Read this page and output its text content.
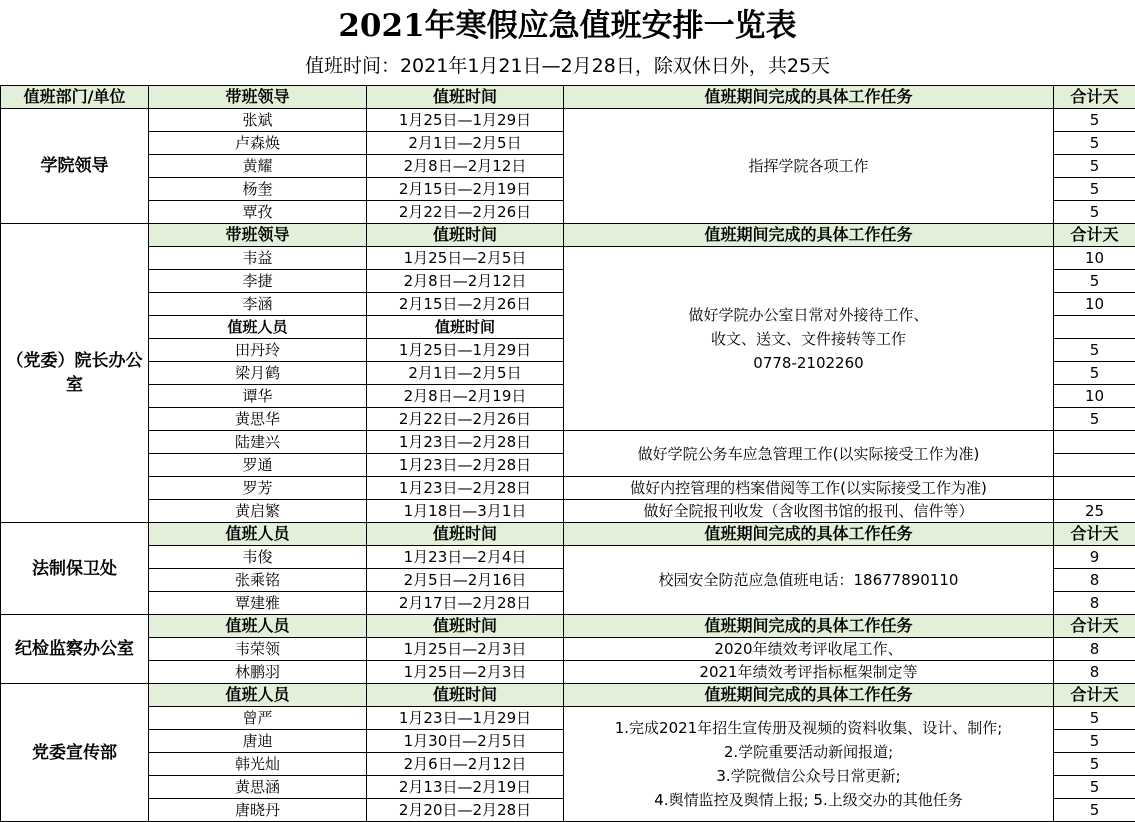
2021年寒假应急值班安排一览表
值班时间：2021年1月21日—2月28日，除双休日外，共25天
值班部门/单位	带班领导	值班时间	值班期间完成的具体工作任务	合计天
学院领导	张斌	1月25日—1月29日	指挥学院各项工作	5
	卢森焕	2月1日—2月5日		5
	黄耀	2月8日—2月12日		5
	杨奎	2月15日—2月19日		5
	覃孜	2月22日—2月26日		5
（党委）院长办公室	带班领导	值班时间	值班期间完成的具体工作任务	合计天
	韦益	1月25日—2月5日	做好学院办公室日常对外接待工作、
收文、送文、文件接转等工作
0778-2102260	10
	李捷	2月8日—2月12日		5
	李涵	2月15日—2月26日		10
	值班人员	值班时间		
	田丹玲	1月25日—1月29日		5
	梁月鹤	2月1日—2月5日		5
	谭华	2月8日—2月19日		10
	黄思华	2月22日—2月26日		5
	陆建兴	1月23日—2月28日	做好学院公务车应急管理工作(以实际接受工作为准)	
	罗通	1月23日—2月28日		
	罗芳	1月23日—2月28日	做好内控管理的档案借阅等工作(以实际接受工作为准)	
	黄启繁	1月18日—3月1日	做好全院报刊收发（含收图书馆的报刊、信件等）	25
法制保卫处	值班人员	值班时间	值班期间完成的具体工作任务	合计天
	韦俊	1月23日—2月4日	校园安全防范应急值班电话：18677890110	9
	张乘铭	2月5日—2月16日		8
	覃建雅	2月17日—2月28日		8
纪检监察办公室	值班人员	值班时间	值班期间完成的具体工作任务	合计天
	韦荣领	1月25日—2月3日	2020年绩效考评收尾工作、	8
	林鹏羽	1月25日—2月3日	2021年绩效考评指标框架制定等	8
党委宣传部	值班人员	值班时间	值班期间完成的具体工作任务	合计天
	曾严	1月23日—1月29日	1.完成2021年招生宣传册及视频的资料收集、设计、制作;
2.学院重要活动新闻报道;
3.学院微信公众号日常更新;
4.舆情监控及舆情上报; 5.上级交办的其他任务	5
	唐迪	1月30日—2月5日		5
	韩光灿	2月6日—2月12日		5
	黄思涵	2月13日—2月19日		5
	唐晓丹	2月20日—2月28日		5
